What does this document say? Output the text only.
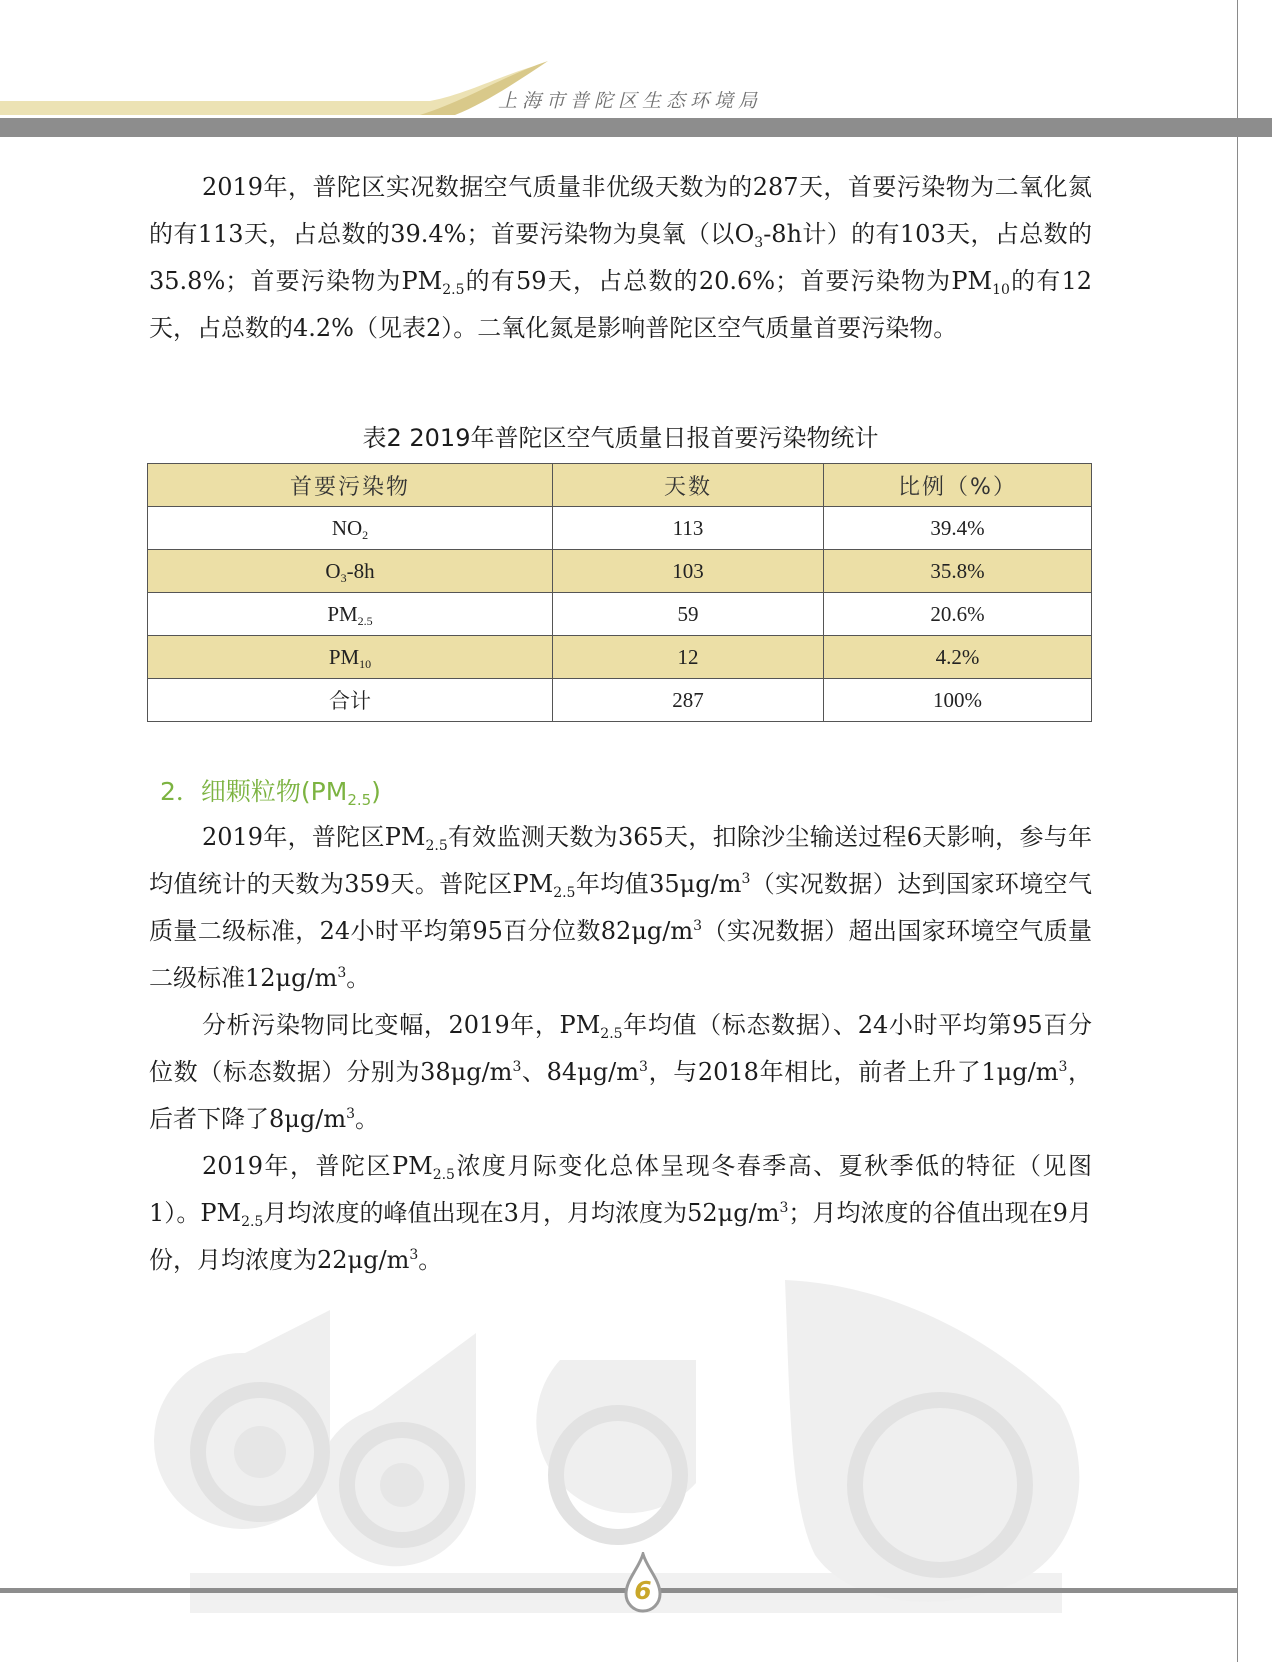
上海市普陀区生态环境局

2019年，普陀区实况数据空气质量非优级天数为的287天，首要污染物为二氧化氮的有113天，占总数的39.4%；首要污染物为臭氧（以$O_3-8h$计）的有103天，占总数的35.8%；首要污染物为$PM_{2.5}$的有59天，占总数的20.6%；首要污染物为$PM_{10}$的有12天，占总数的4.2%（见表2）。二氧化氮是影响普陀区空气质量首要污染物。

表2 2019年普陀区空气质量日报首要污染物统计
首要污染物	天数	比例（%）
$NO_2$	113	39.4%
$O_3-8h$	103	35.8%
$PM_{2.5}$	59	20.6%
$PM_{10}$	12	4.2%
合计	287	100%
2．细颗粒物$(PM_{2.5})$

2019年，普陀区$PM_{2.5}$有效监测天数为365天，扣除沙尘输送过程6天影响，参与年均值统计的天数为359天。普陀区$PM_{2.5}$年均值$35\mu g/m^3$（实况数据）达到国家环境空气质量二级标准，24小时平均第95百分位数$82\mu g/m^3$（实况数据）超出国家环境空气质量二级标准$12\mu g/m^3$。

分析污染物同比变幅，2019年，$PM_{2.5}$年均值（标态数据）、24小时平均第95百分位数（标态数据）分别为$38\mu g/m^3$、$84\mu g/m^3$，与2018年相比，前者上升了$1\mu g/m^3$，后者下降了$8\mu g/m^3$。

2019年，普陀区$PM_{2.5}$浓度月际变化总体呈现冬春季高、夏秋季低的特征（见图1）。$PM_{2.5}$月均浓度的峰值出现在3月，月均浓度为$52\mu g/m^3$；月均浓度的谷值出现在9月份，月均浓度为$22\mu g/m^3$。

6
